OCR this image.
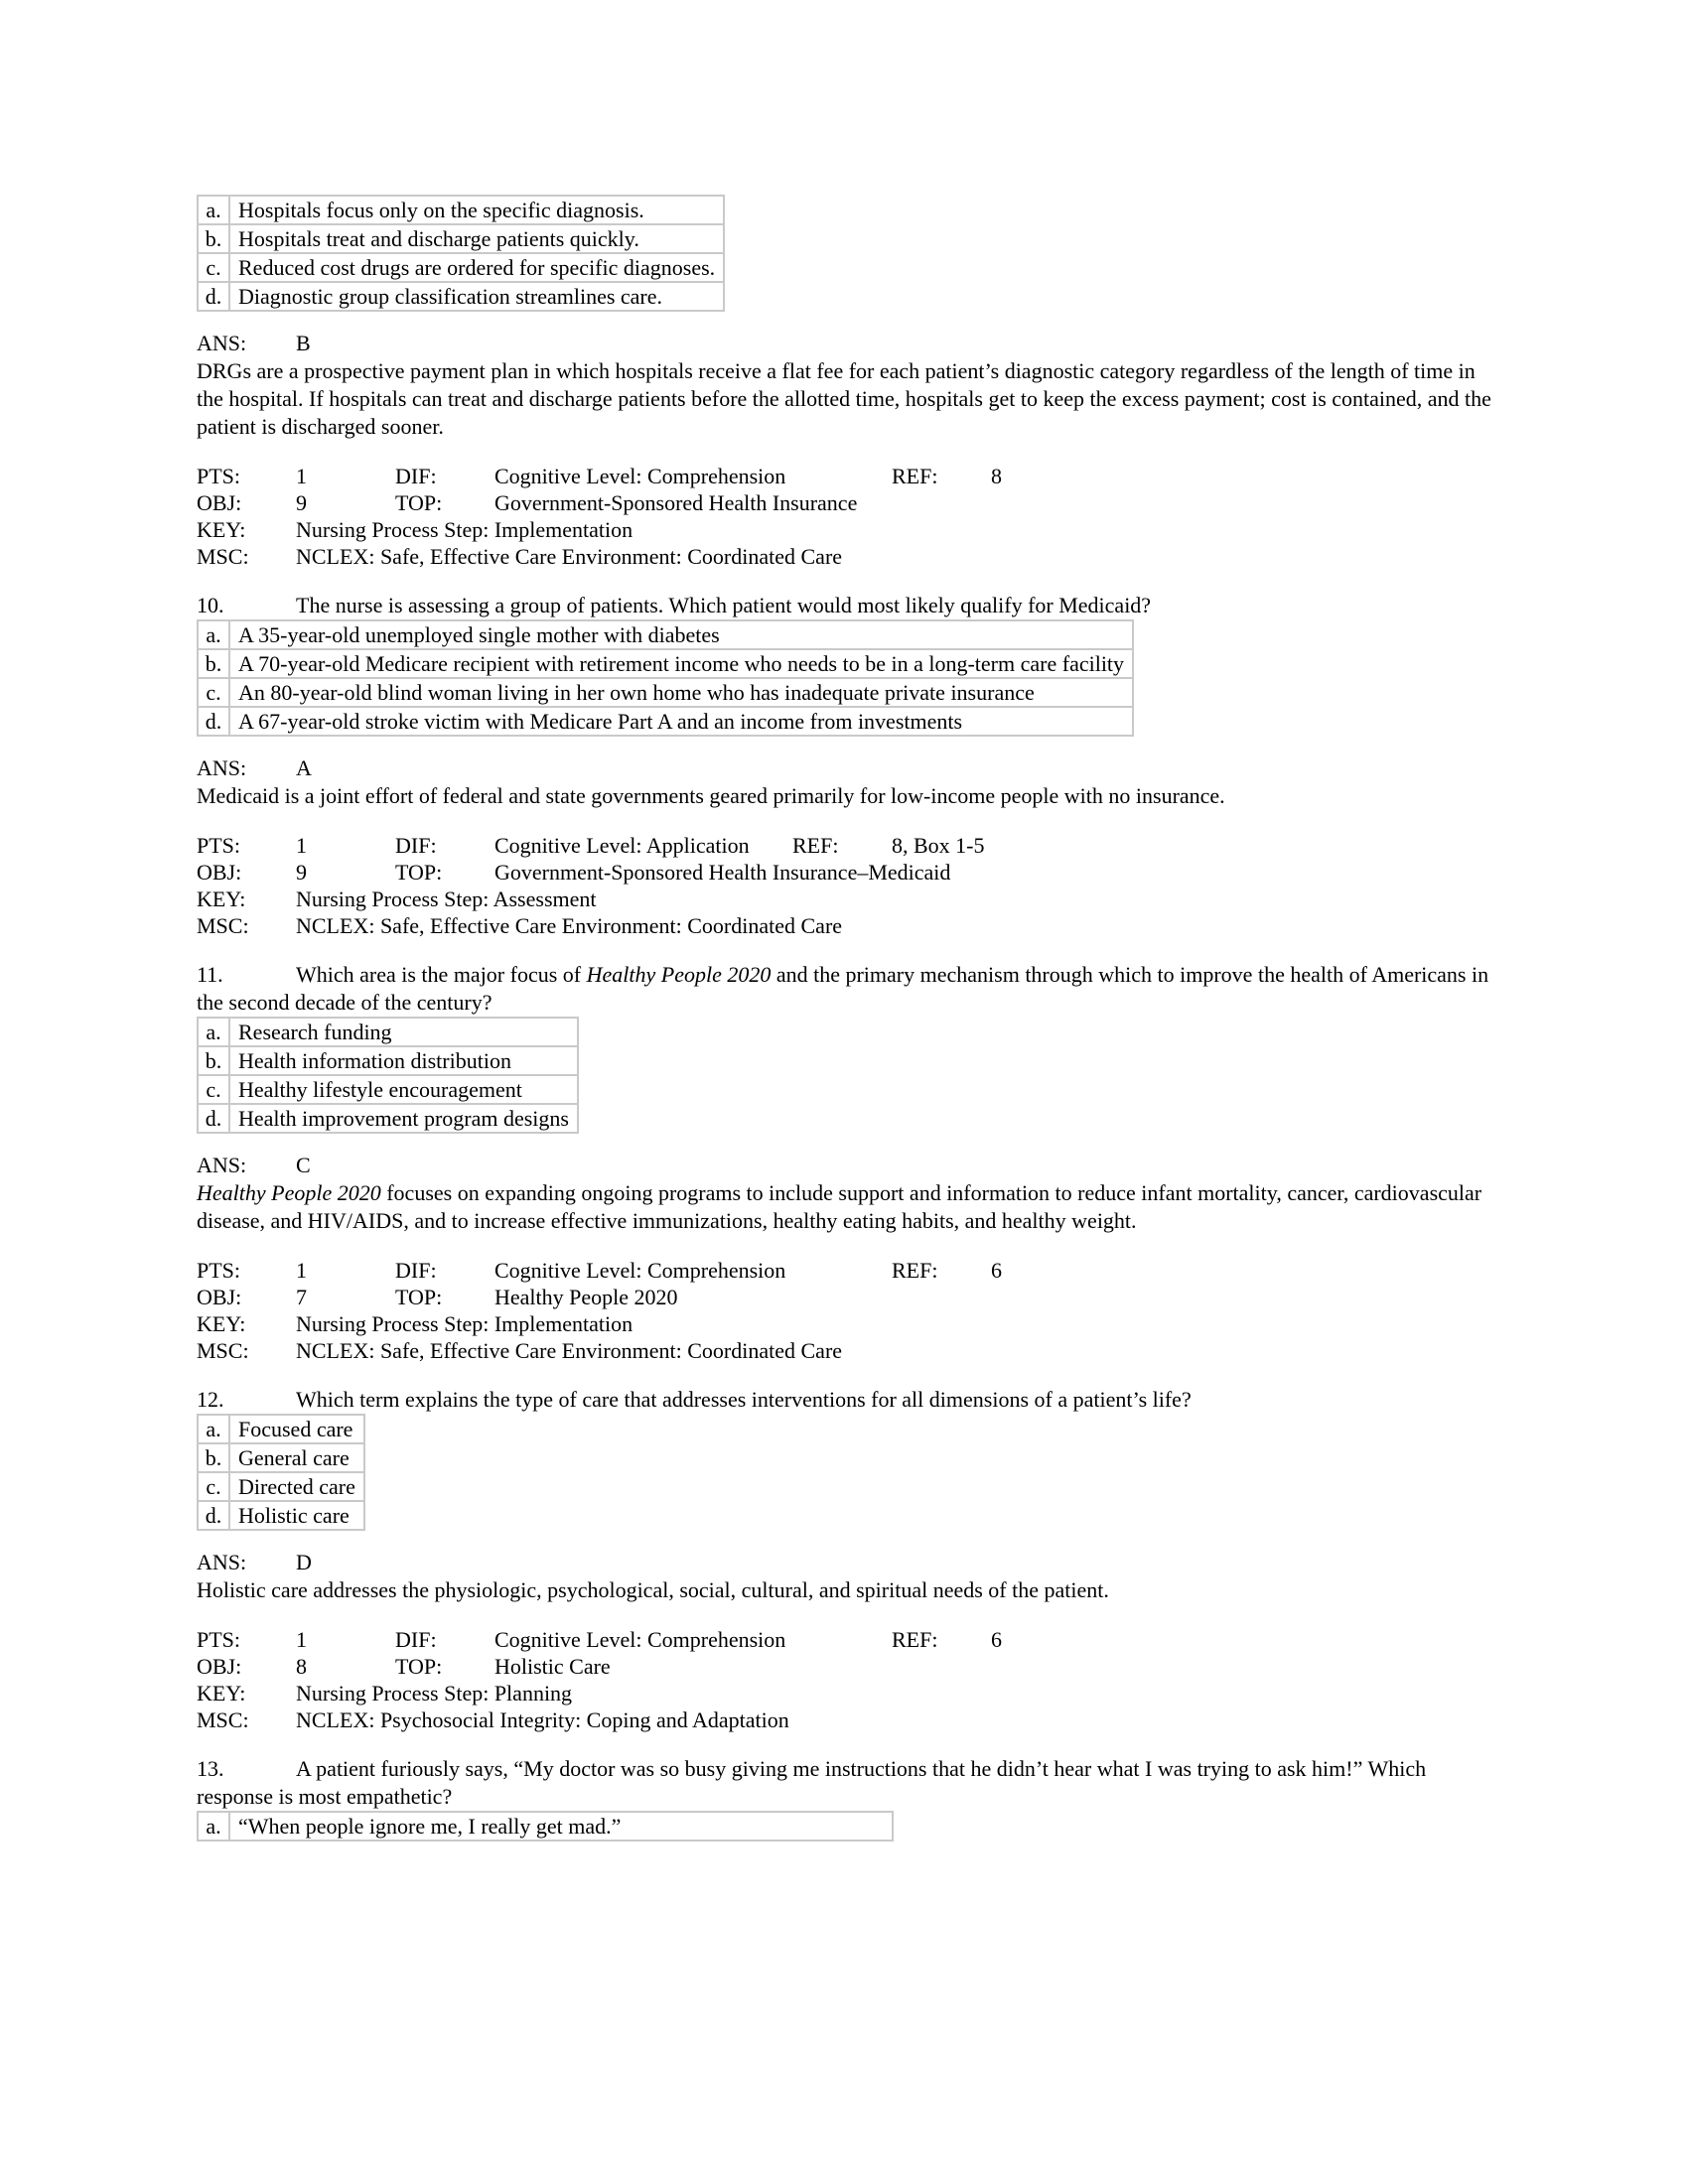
a.	Hospitals focus only on the specific diagnosis.
b.	Hospitals treat and discharge patients quickly.
c.	Reduced cost drugs are ordered for specific diagnoses.
d.	Diagnostic group classification streamlines care.
ANS: B

DRGs are a prospective payment plan in which hospitals receive a flat fee for each patient’s diagnostic category regardless of the length of time in the hospital. If hospitals can treat and discharge patients before the allotted time, hospitals get to keep the excess payment; cost is contained, and the patient is discharged sooner.

PTS:	1	DIF:	Cognitive Level: Comprehension	REF:	8
OBJ:	9	TOP:	Government-Sponsored Health Insurance
KEY:	Nursing Process Step: Implementation
MSC:	NCLEX: Safe, Effective Care Environment: Coordinated Care
10.	The nurse is assessing a group of patients. Which patient would most likely qualify for Medicaid?
a.	A 35-year-old unemployed single mother with diabetes
b.	A 70-year-old Medicare recipient with retirement income who needs to be in a long-term care facility
c.	An 80-year-old blind woman living in her own home who has inadequate private insurance
d.	A 67-year-old stroke victim with Medicare Part A and an income from investments
ANS: A

Medicaid is a joint effort of federal and state governments geared primarily for low-income people with no insurance.

PTS:	1	DIF:	Cognitive Level: Application	REF:	8, Box 1-5
OBJ:	9	TOP:	Government-Sponsored Health Insurance–Medicaid
KEY:	Nursing Process Step: Assessment
MSC:	NCLEX: Safe, Effective Care Environment: Coordinated Care
11.	Which area is the major focus of Healthy People 2020 and the primary mechanism through which to improve the health of Americans in the second decade of the century?
a.	Research funding
b.	Health information distribution
c.	Healthy lifestyle encouragement
d.	Health improvement program designs
ANS: C

Healthy People 2020 focuses on expanding ongoing programs to include support and information to reduce infant mortality, cancer, cardiovascular disease, and HIV/AIDS, and to increase effective immunizations, healthy eating habits, and healthy weight.

PTS:	1	DIF:	Cognitive Level: Comprehension	REF:	6
OBJ:	7	TOP:	Healthy People 2020
KEY:	Nursing Process Step: Implementation
MSC:	NCLEX: Safe, Effective Care Environment: Coordinated Care
12.	Which term explains the type of care that addresses interventions for all dimensions of a patient’s life?
a.	Focused care
b.	General care
c.	Directed care
d.	Holistic care
ANS: D

Holistic care addresses the physiologic, psychological, social, cultural, and spiritual needs of the patient.

PTS:	1	DIF:	Cognitive Level: Comprehension	REF:	6
OBJ:	8	TOP:	Holistic Care
KEY:	Nursing Process Step: Planning
MSC:	NCLEX: Psychosocial Integrity: Coping and Adaptation
13.	A patient furiously says, “My doctor was so busy giving me instructions that he didn’t hear what I was trying to ask him!” Which response is most empathetic?
a.	“When people ignore me, I really get mad.”
